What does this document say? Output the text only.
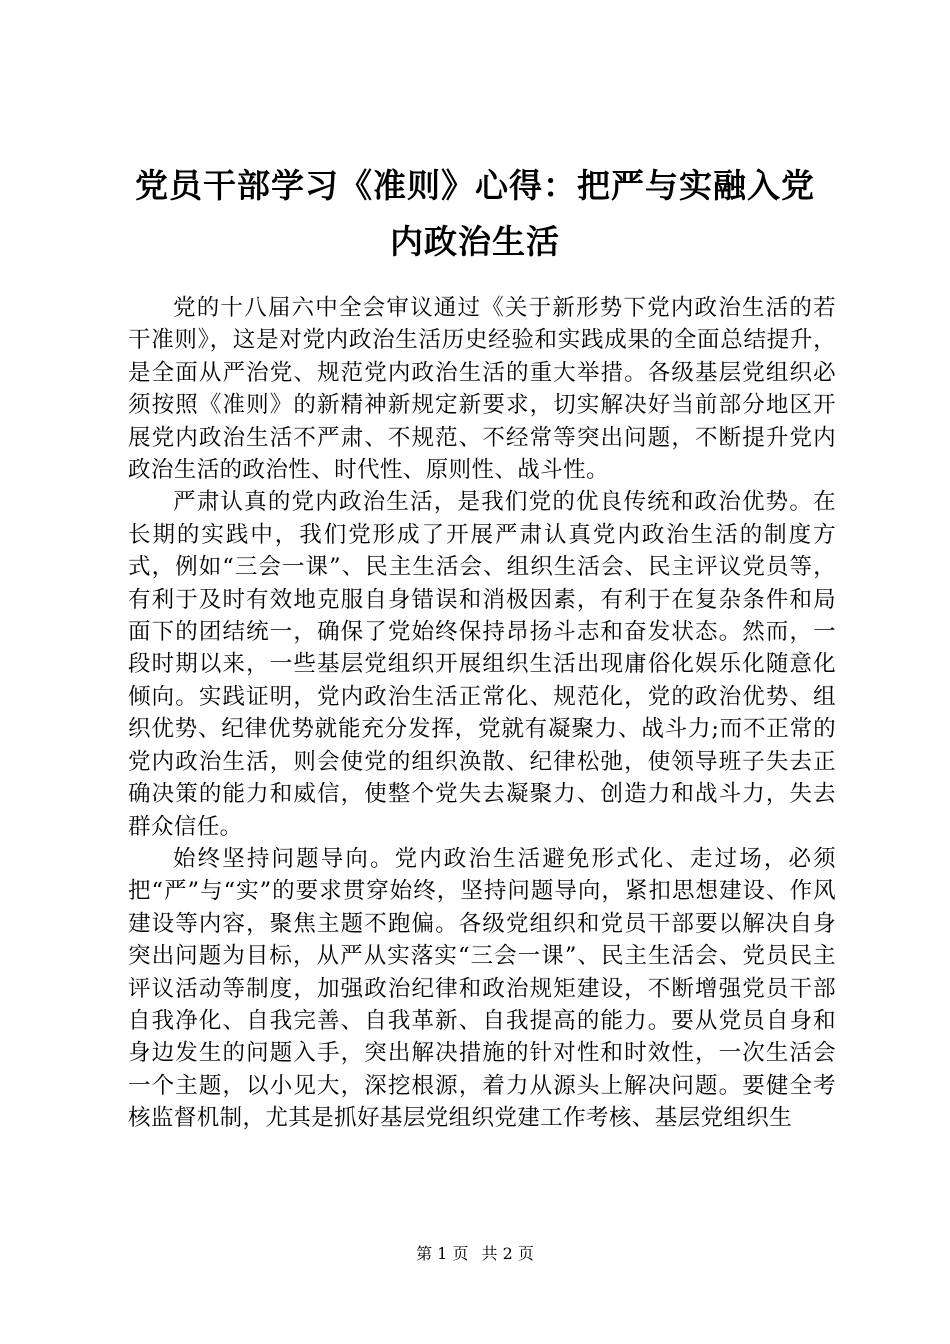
党员干部学习《准则》心得：把严与实融入党
内政治生活

党的十八届六中全会审议通过《关于新形势下党内政治生活的若干准则》，这是对党内政治生活历史经验和实践成果的全面总结提升，是全面从严治党、规范党内政治生活的重大举措。各级基层党组织必须按照《准则》的新精神新规定新要求，切实解决好当前部分地区开展党内政治生活不严肃、不规范、不经常等突出问题，不断提升党内政治生活的政治性、时代性、原则性、战斗性。

严肃认真的党内政治生活，是我们党的优良传统和政治优势。在长期的实践中，我们党形成了开展严肃认真党内政治生活的制度方式，例如“三会一课”、民主生活会、组织生活会、民主评议党员等，有利于及时有效地克服自身错误和消极因素，有利于在复杂条件和局面下的团结统一，确保了党始终保持昂扬斗志和奋发状态。然而，一段时期以来，一些基层党组织开展组织生活出现庸俗化娱乐化随意化倾向。实践证明，党内政治生活正常化、规范化，党的政治优势、组织优势、纪律优势就能充分发挥，党就有凝聚力、战斗力;而不正常的党内政治生活，则会使党的组织涣散、纪律松弛，使领导班子失去正确决策的能力和威信，使整个党失去凝聚力、创造力和战斗力，失去群众信任。

始终坚持问题导向。党内政治生活避免形式化、走过场，必须把“严”与“实”的要求贯穿始终，坚持问题导向，紧扣思想建设、作风建设等内容，聚焦主题不跑偏。各级党组织和党员干部要以解决自身突出问题为目标，从严从实落实“三会一课”、民主生活会、党员民主评议活动等制度，加强政治纪律和政治规矩建设，不断增强党员干部自我净化、自我完善、自我革新、自我提高的能力。要从党员自身和身边发生的问题入手，突出解决措施的针对性和时效性，一次生活会一个主题，以小见大，深挖根源，着力从源头上解决问题。要健全考核监督机制，尤其是抓好基层党组织党建工作考核、基层党组织生

第 1 页 共 2 页
